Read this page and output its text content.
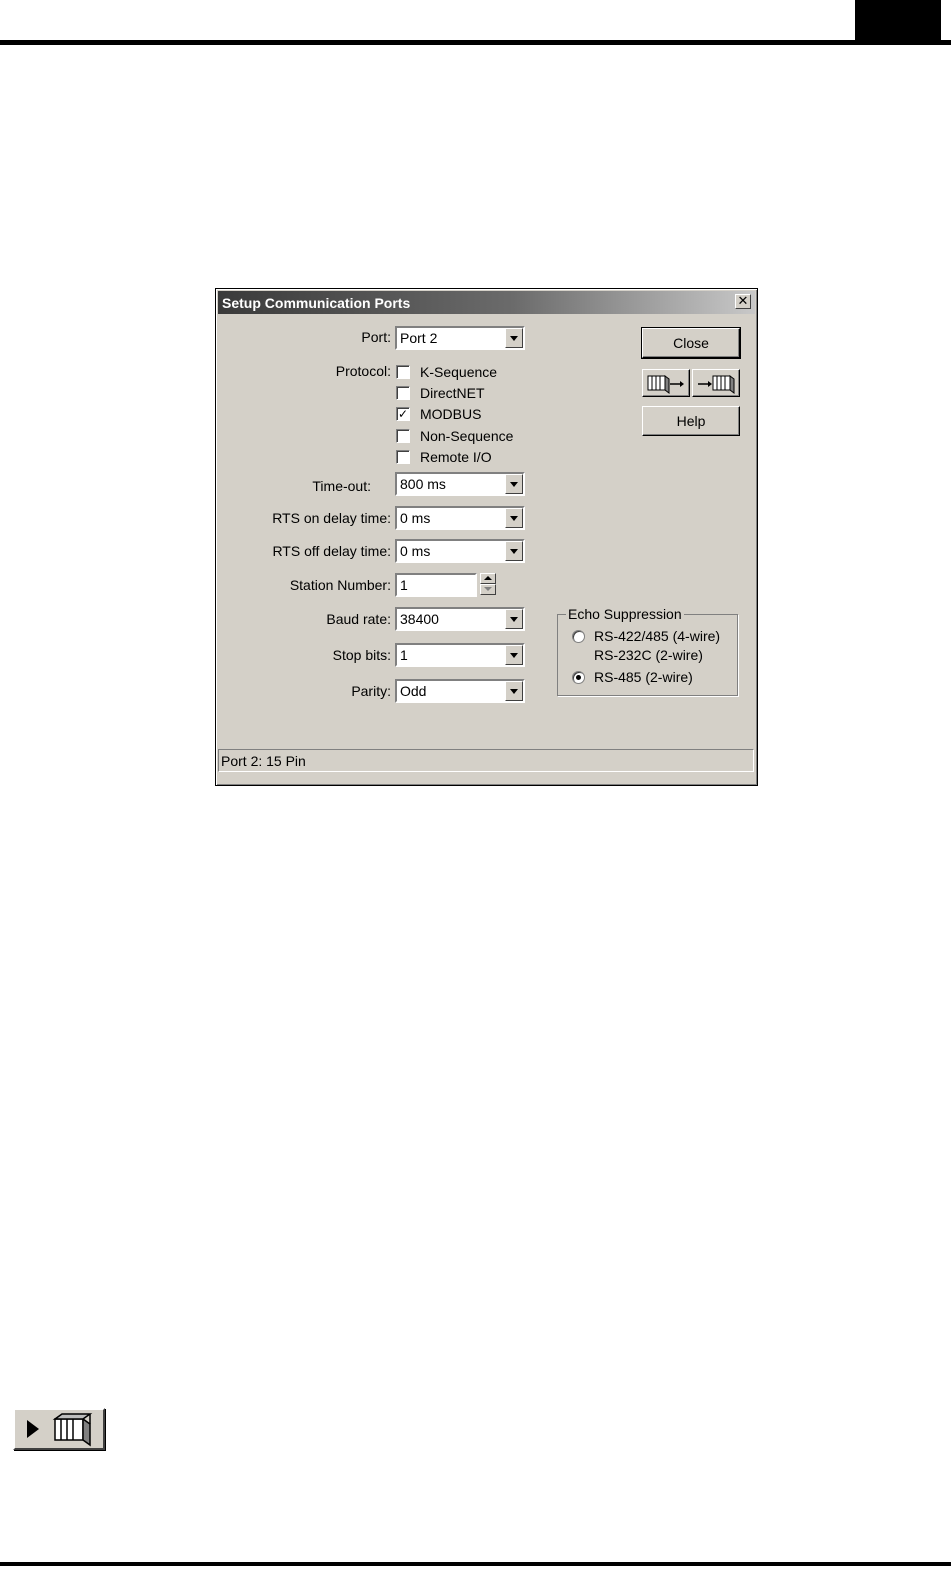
Setup Communication Ports	✕
Port:
Protocol:
Time-out:
RTS on delay time:
RTS off delay time:
Station Number:
Baud rate:
Stop bits:
Parity:
Port 2
K-Sequence
DirectNET
✓ MODBUS
Non-Sequence
Remote I/O
800 ms
0 ms
0 ms
1
38400
1
Odd
Close
Help
Echo Suppression
RS-422/485 (4-wire)
RS-232C (2-wire)
RS-485 (2-wire)
Port 2: 15 Pin
